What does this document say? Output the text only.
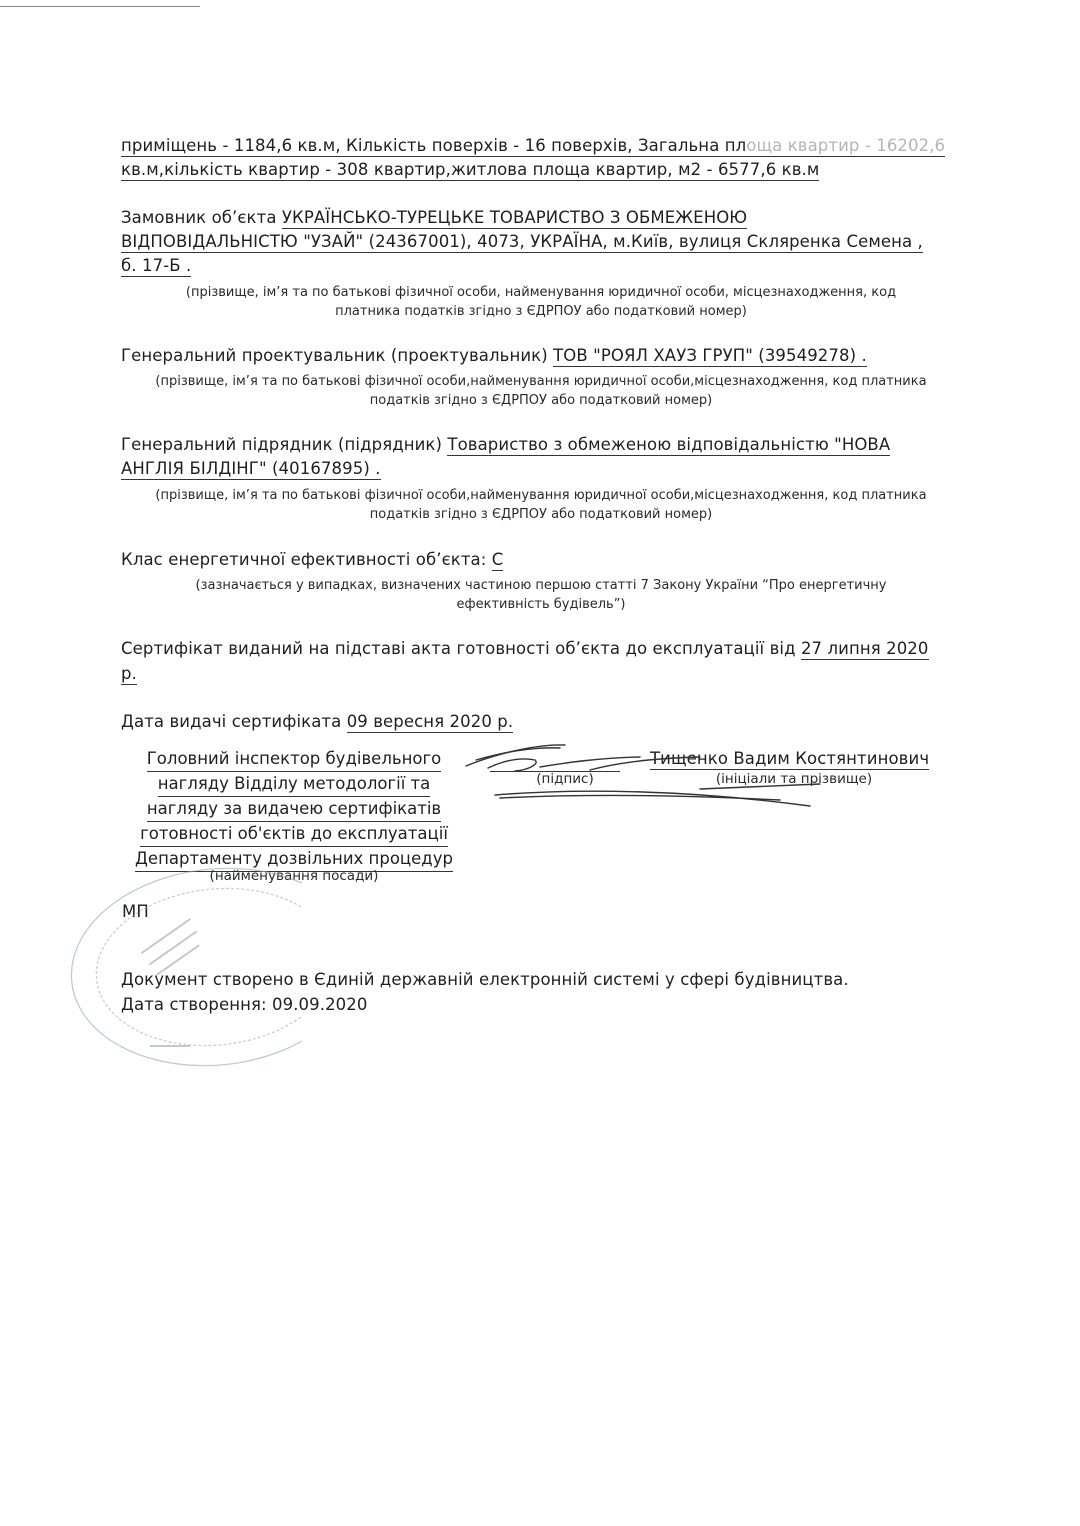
приміщень - 1184,6 кв.м, Кількість поверхів - 16 поверхів, Загальна площа квартир - 16202,6
кв.м,кількість квартир - 308 квартир,житлова площа квартир, м2 - 6577,6 кв.м
Замовник об’єкта УКРАЇНСЬКО-ТУРЕЦЬКЕ ТОВАРИСТВО З ОБМЕЖЕНОЮ
ВІДПОВІДАЛЬНІСТЮ "УЗАЙ" (24367001), 4073, УКРАЇНА, м.Київ, вулиця Скляренка Семена ,
б. 17-Б .
(прізвище, ім’я та по батькові фізичної особи, найменування юридичної особи, місцезнаходження, код
платника податків згідно з ЄДРПОУ або податковий номер)
Генеральний проектувальник (проектувальник) ТОВ "РОЯЛ ХАУЗ ГРУП" (39549278) .
(прізвище, ім’я та по батькові фізичної особи,найменування юридичної особи,місцезнаходження, код платника
податків згідно з ЄДРПОУ або податковий номер)
Генеральний підрядник (підрядник) Товариство з обмеженою відповідальністю "НОВА
АНГЛІЯ БІЛДІНГ" (40167895) .
(прізвище, ім’я та по батькові фізичної особи,найменування юридичної особи,місцезнаходження, код платника
податків згідно з ЄДРПОУ або податковий номер)
Клас енергетичної ефективності об’єкта: C
(зазначається у випадках, визначених частиною першою статті 7 Закону України “Про енергетичну
ефективність будівель”)
Сертифікат виданий на підставі акта готовності об’єкта до експлуатації від 27 липня 2020
р.
Дата видачі сертифіката 09 вересня 2020 р.
Головний інспектор будівельного
нагляду Відділу методології та
нагляду за видачею сертифікатів
готовності об'єктів до експлуатації
Департаменту дозвільних процедур
(найменування посади)
(підпис)
Тищенко Вадим Костянтинович
(ініціали та прізвище)
МП
Документ створено в Єдиній державній електронній системі у сфері будівництва.
Дата створення: 09.09.2020
